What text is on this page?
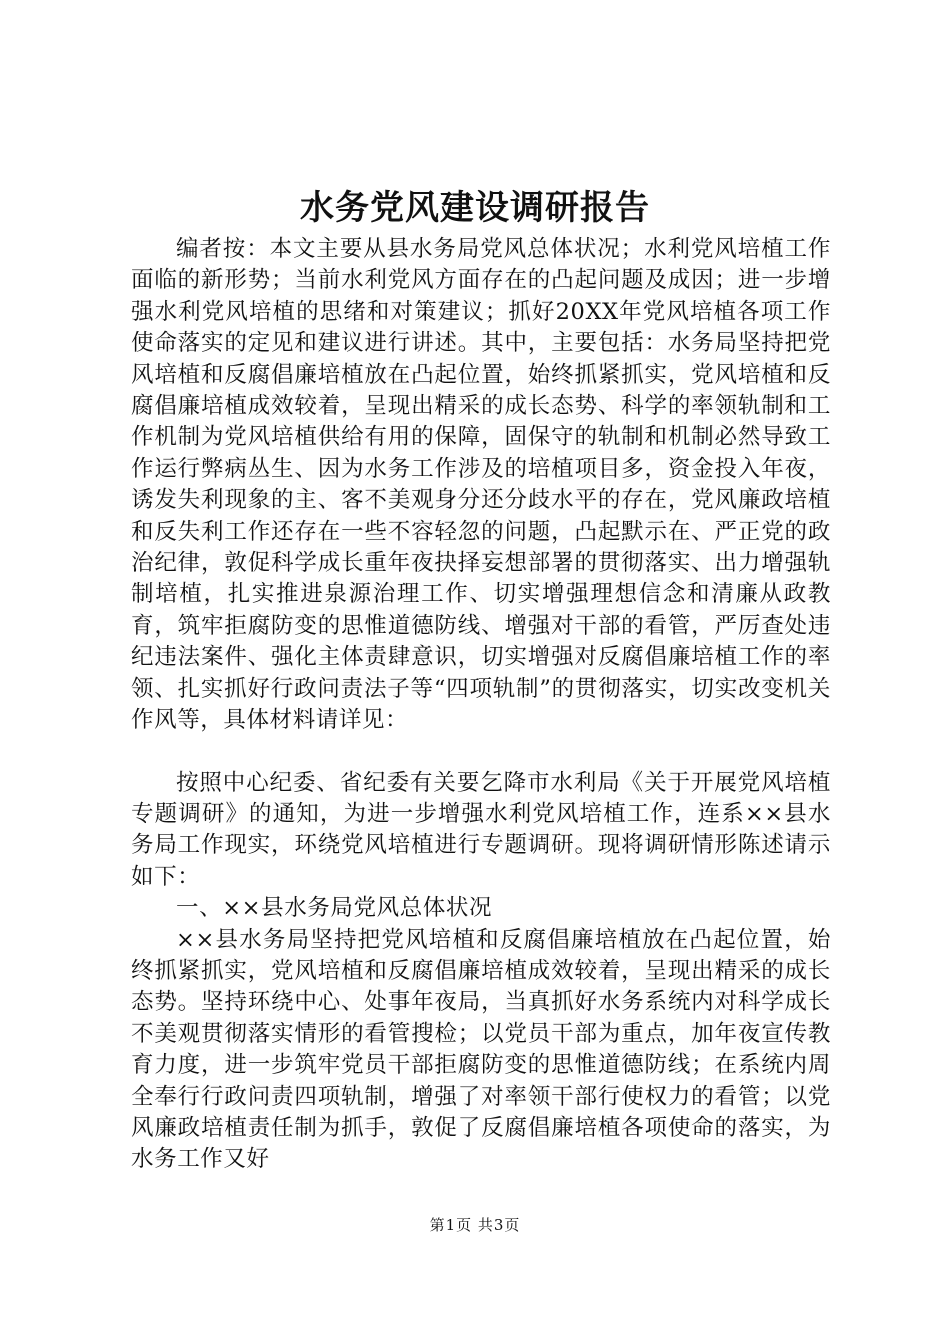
水务党风建设调研报告

编者按：本文主要从县水务局党风总体状况；水利党风培植工作面临的新形势；当前水利党风方面存在的凸起问题及成因；进一步增强水利党风培植的思绪和对策建议；抓好20XX年党风培植各项工作使命落实的定见和建议进行讲述。其中，主要包括：水务局坚持把党风培植和反腐倡廉培植放在凸起位置，始终抓紧抓实，党风培植和反腐倡廉培植成效较着，呈现出精采的成长态势、科学的率领轨制和工作机制为党风培植供给有用的保障，固保守的轨制和机制必然导致工作运行弊病丛生、因为水务工作涉及的培植项目多，资金投入年夜，诱发失利现象的主、客不美观身分还分歧水平的存在，党风廉政培植和反失利工作还存在一些不容轻忽的问题，凸起默示在、严正党的政治纪律，敦促科学成长重年夜抉择妄想部署的贯彻落实、出力增强轨制培植，扎实推进泉源治理工作、切实增强理想信念和清廉从政教育，筑牢拒腐防变的思惟道德防线、增强对干部的看管，严厉查处违纪违法案件、强化主体责肆意识，切实增强对反腐倡廉培植工作的率领、扎实抓好行政问责法子等“四项轨制”的贯彻落实，切实改变机关作风等，具体材料请详见：

按照中心纪委、省纪委有关要乞降市水利局《关于开展党风培植专题调研》的通知，为进一步增强水利党风培植工作，连系××县水务局工作现实，环绕党风培植进行专题调研。现将调研情形陈述请示如下：

一、××县水务局党风总体状况

××县水务局坚持把党风培植和反腐倡廉培植放在凸起位置，始终抓紧抓实，党风培植和反腐倡廉培植成效较着，呈现出精采的成长态势。坚持环绕中心、处事年夜局，当真抓好水务系统内对科学成长不美观贯彻落实情形的看管搜检；以党员干部为重点，加年夜宣传教育力度，进一步筑牢党员干部拒腐防变的思惟道德防线；在系统内周全奉行行政问责四项轨制，增强了对率领干部行使权力的看管；以党风廉政培植责任制为抓手，敦促了反腐倡廉培植各项使命的落实，为水务工作又好

第1页 共3页
